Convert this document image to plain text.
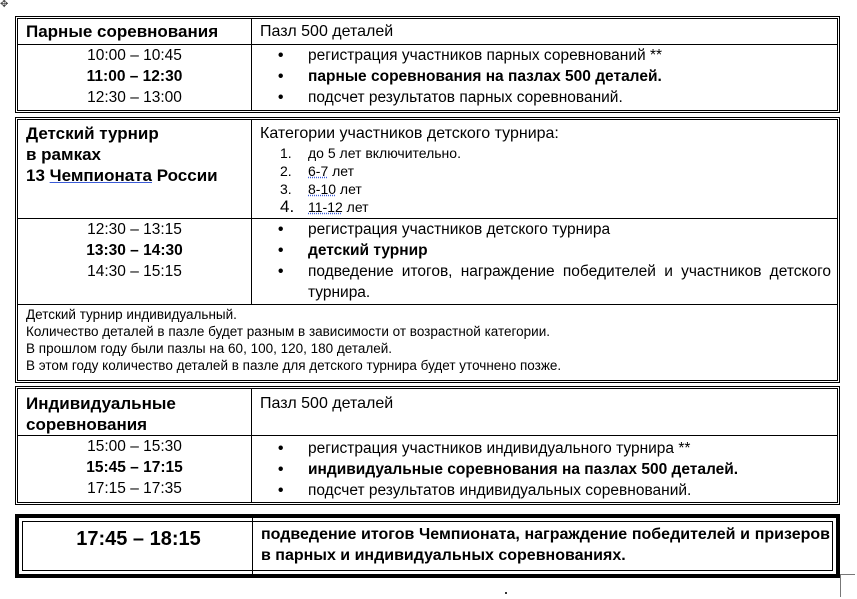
✥
Парные соревнования	Пазл 500 деталей
10:00 – 10:45
11:00 – 12:30
12:30 – 13:00
• регистрация участников парных соревнований **
• парные соревнования на пазлах 500 деталей.
• подсчет результатов парных соревнований.
Детский турнир
в рамках
13 Чемпионата России
Категории участников детского турнира:
1. до 5 лет включительно.
2. 6-7 лет
3. 8-10 лет
4. 11-12 лет
12:30 – 13:15
13:30 – 14:30
14:30 – 15:15
• регистрация участников детского турнира
• детский турнир
• подведение итогов, награждение победителей и участников детского турнира.
Детский турнир индивидуальный.
Количество деталей в пазле будет разным в зависимости от возрастной категории.
В прошлом году были пазлы на 60, 100, 120, 180 деталей.
В этом году количество деталей в пазле для детского турнира будет уточнено позже.
Индивидуальные
соревнования
Пазл 500 деталей
15:00 – 15:30
15:45 – 17:15
17:15 – 17:35
• регистрация участников индивидуального турнира **
• индивидуальные соревнования на пазлах 500 деталей.
• подсчет результатов индивидуальных соревнований.
17:45 – 18:15	подведение итогов Чемпионата, награждение победителей и призеров в парных и индивидуальных соревнованиях.
